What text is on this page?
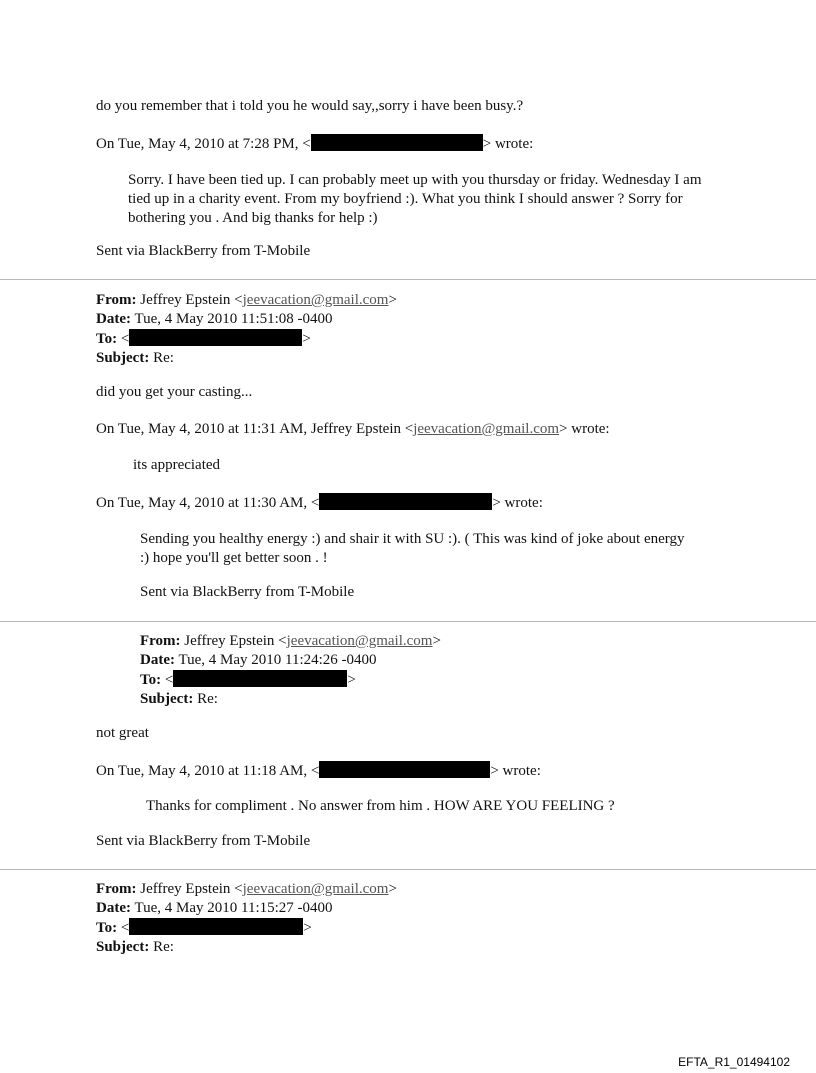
do you remember that i told you he would say,,sorry i have been busy.?
On Tue, May 4, 2010 at 7:28 PM, <	> wrote:
Sorry. I have been tied up. I can probably meet up with you thursday or friday. Wednesday I am tied up in a charity event. From my boyfriend :). What you think I should answer ? Sorry for bothering you . And big thanks for help :)
Sent via BlackBerry from T-Mobile
From: Jeffrey Epstein <jeevacation@gmail.com>
Date: Tue, 4 May 2010 11:51:08 -0400
To: <	>
Subject: Re:
did you get your casting...
On Tue, May 4, 2010 at 11:31 AM, Jeffrey Epstein <jeevacation@gmail.com> wrote:
its appreciated
On Tue, May 4, 2010 at 11:30 AM, <	> wrote:
Sending you healthy energy :) and shair it with SU :). ( This was kind of joke about energy :) hope you'll get better soon . !
Sent via BlackBerry from T-Mobile
From: Jeffrey Epstein <jeevacation@gmail.com>
Date: Tue, 4 May 2010 11:24:26 -0400
To: <	>
Subject: Re:
not great
On Tue, May 4, 2010 at 11:18 AM, <	> wrote:
Thanks for compliment . No answer from him . HOW ARE YOU FEELING ?
Sent via BlackBerry from T-Mobile
From: Jeffrey Epstein <jeevacation@gmail.com>
Date: Tue, 4 May 2010 11:15:27 -0400
To: <	>
Subject: Re:
EFTA_R1_01494102
